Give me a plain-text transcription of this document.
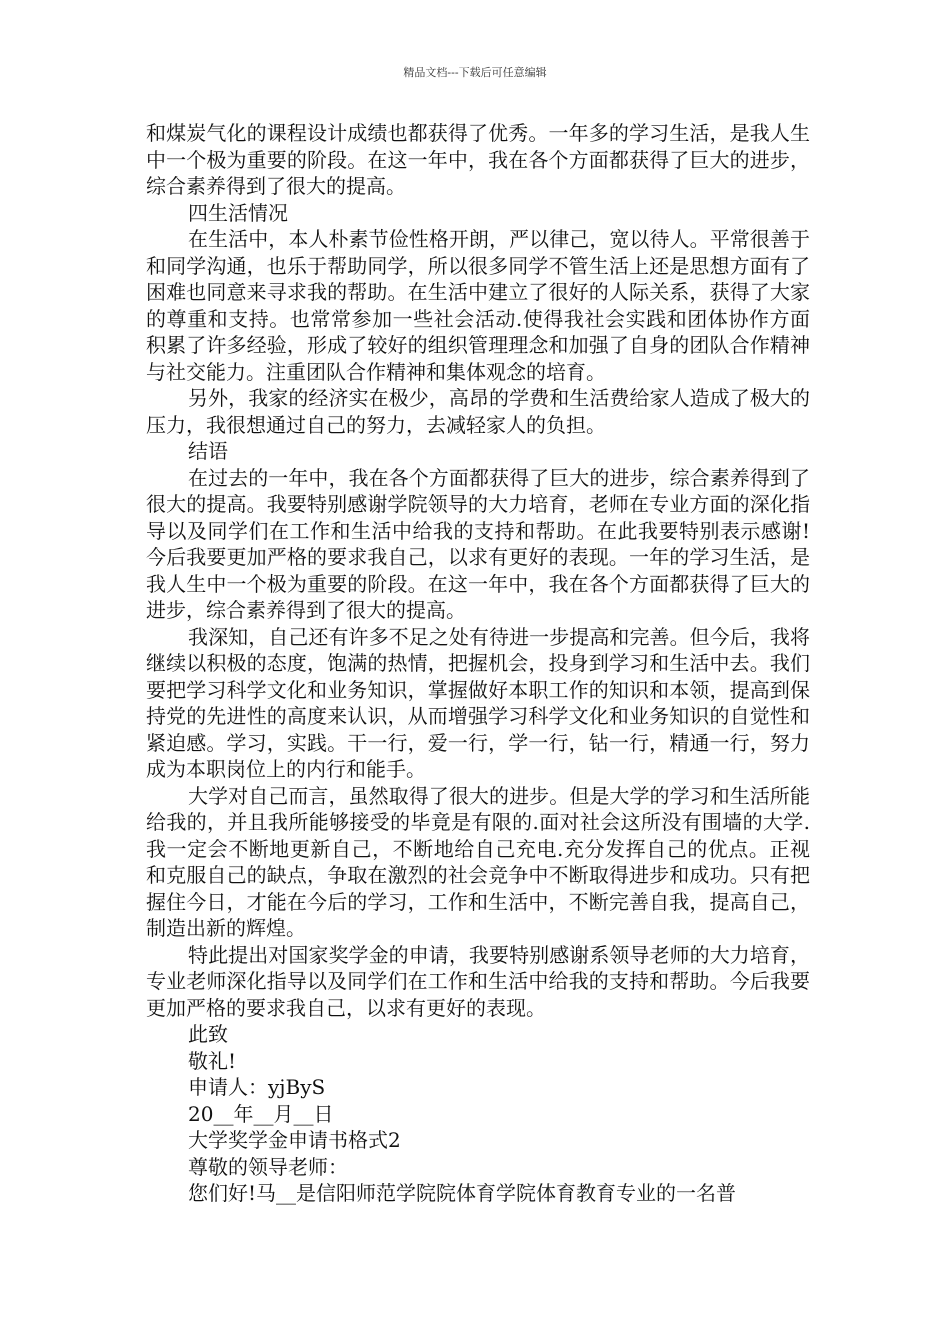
精品文档---下载后可任意编辑

和煤炭气化的课程设计成绩也都获得了优秀。一年多的学习生活，是我人生中一个极为重要的阶段。在这一年中，我在各个方面都获得了巨大的进步，综合素养得到了很大的提高。

四生活情况

在生活中，本人朴素节俭性格开朗，严以律己，宽以待人。平常很善于和同学沟通，也乐于帮助同学，所以很多同学不管生活上还是思想方面有了困难也同意来寻求我的帮助。在生活中建立了很好的人际关系，获得了大家的尊重和支持。也常常参加一些社会活动.使得我社会实践和团体协作方面积累了许多经验，形成了较好的组织管理理念和加强了自身的团队合作精神与社交能力。注重团队合作精神和集体观念的培育。

另外，我家的经济实在极少，高昂的学费和生活费给家人造成了极大的压力，我很想通过自己的努力，去减轻家人的负担。

结语

在过去的一年中，我在各个方面都获得了巨大的进步，综合素养得到了很大的提高。我要特别感谢学院领导的大力培育，老师在专业方面的深化指导以及同学们在工作和生活中给我的支持和帮助。在此我要特别表示感谢!今后我要更加严格的要求我自己，以求有更好的表现。一年的学习生活，是我人生中一个极为重要的阶段。在这一年中，我在各个方面都获得了巨大的进步，综合素养得到了很大的提高。

我深知，自己还有许多不足之处有待进一步提高和完善。但今后，我将继续以积极的态度，饱满的热情，把握机会，投身到学习和生活中去。我们要把学习科学文化和业务知识，掌握做好本职工作的知识和本领，提高到保持党的先进性的高度来认识，从而增强学习科学文化和业务知识的自觉性和紧迫感。学习，实践。干一行，爱一行，学一行，钻一行，精通一行，努力成为本职岗位上的内行和能手。

大学对自己而言，虽然取得了很大的进步。但是大学的学习和生活所能给我的，并且我所能够接受的毕竟是有限的.面对社会这所没有围墙的大学.我一定会不断地更新自己，不断地给自己充电.充分发挥自己的优点。正视和克服自己的缺点，争取在激烈的社会竞争中不断取得进步和成功。只有把握住今日，才能在今后的学习，工作和生活中，不断完善自我，提高自己，制造出新的辉煌。

特此提出对国家奖学金的申请，我要特别感谢系领导老师的大力培育，专业老师深化指导以及同学们在工作和生活中给我的支持和帮助。今后我要更加严格的要求我自己，以求有更好的表现。

此致

敬礼!

申请人：yjByS

20__年__月__日

大学奖学金申请书格式2

尊敬的领导老师：

您们好!马__是信阳师范学院院体育学院体育教育专业的一名普
